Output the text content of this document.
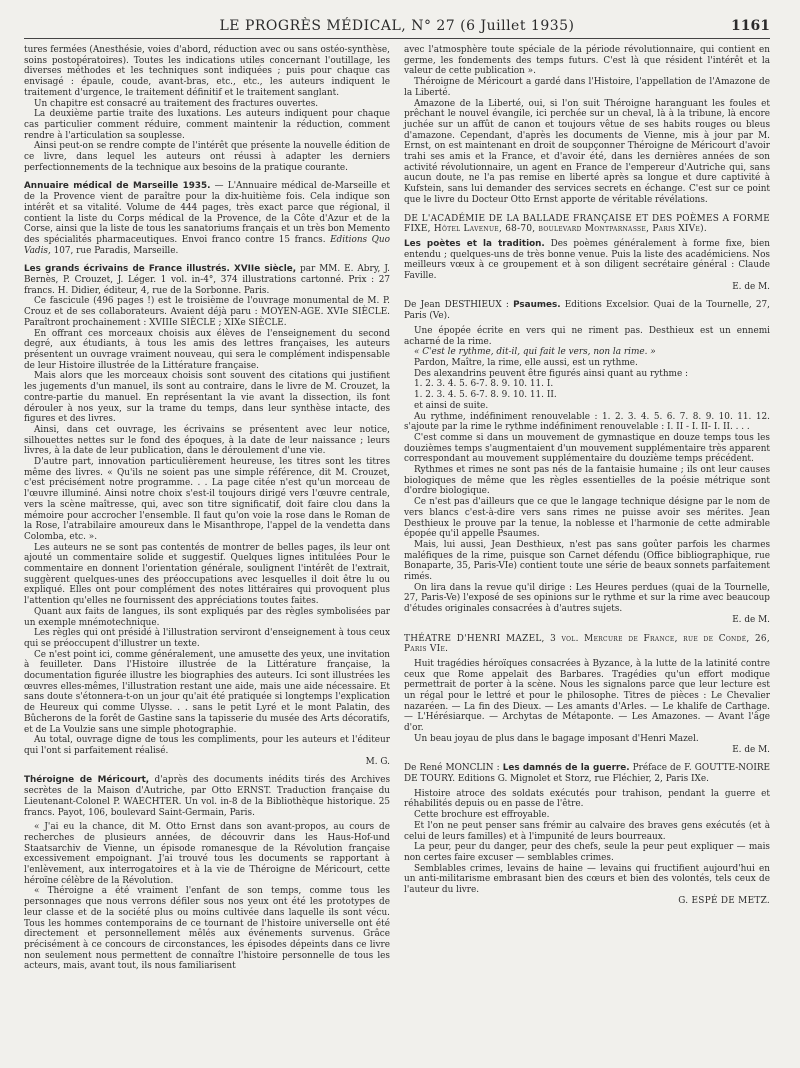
LE PROGRÈS MÉDICAL, N° 27 (6 Juillet 1935)	1161

tures fermées (Anesthésie, voies d'abord, réduction avec ou sans ostéo-synthèse, soins postopératoires). Toutes les indications utiles concernant l'outillage, les diverses méthodes et les techniques sont indiquées ; puis pour chaque cas envisagé : épaule, coude, avant-bras, etc., etc., les auteurs indiquent le traitement d'urgence, le traitement définitif et le traitement sanglant.

Un chapitre est consacré au traitement des fractures ouvertes.

La deuxième partie traite des luxations. Les auteurs indiquent pour chaque cas particulier comment réduire, comment maintenir la réduction, comment rendre à l'articulation sa souplesse.

Ainsi peut-on se rendre compte de l'intérêt que présente la nouvelle édition de ce livre, dans lequel les auteurs ont réussi à adapter les derniers perfectionnements de la technique aux besoins de la pratique courante.

Annuaire médical de Marseille 1935. — L'Annuaire médical de-Marseille et de la Provence vient de paraître pour la dix-huitième fois. Cela indique son intérêt et sa vitalité. Volume de 444 pages, très exact parce que régional, il contient la liste du Corps médical de la Provence, de la Côte d'Azur et de la Corse, ainsi que la liste de tous les sanatoriums français et un très bon Memento des spécialités pharmaceutiques. Envoi franco contre 15 francs. Editions Quo Vadis, 107, rue Paradis, Marseille.

Les grands écrivains de France illustrés. XVIIe siècle, par MM. E. Abry, J. Bernès, P. Crouzet, J. Léger. 1 vol. in-4°, 374 illustrations cartonné. Prix : 27 francs. H. Didier, éditeur, 4, rue de la Sorbonne. Paris.

Ce fascicule (496 pages !) est le troisième de l'ouvrage monumental de M. P. Crouz et de ses collaborateurs. Avaient déjà paru : MOYEN-AGE. XVIe SIÈCLE. Paraîtront prochainement : XVIIIe SIÈCLE ; XIXe SIÈCLE.

En offrant ces morceaux choisis aux élèves de l'enseignement du second degré, aux étudiants, à tous les amis des lettres françaises, les auteurs présentent un ouvrage vraiment nouveau, qui sera le complément indispensable de leur Histoire illustrée de la Littérature française.

Mais alors que les morceaux choisis sont souvent des citations qui justifient les jugements d'un manuel, ils sont au contraire, dans le livre de M. Crouzet, la contre-partie du manuel. En représentant la vie avant la dissection, ils font dérouler à nos yeux, sur la trame du temps, dans leur synthèse intacte, des figures et des livres.

Ainsi, dans cet ouvrage, les écrivains se présentent avec leur notice, silhouettes nettes sur le fond des époques, à la date de leur naissance ; leurs livres, à la date de leur publication, dans le déroulement d'une vie.

D'autre part, innovation particulièrement heureuse, les titres sont les titres même des livres. « Qu'ils ne soient pas une simple référence, dit M. Crouzet, c'est précisément notre programme. . . La page citée n'est qu'un morceau de l'œuvre illuminé. Ainsi notre choix s'est-il toujours dirigé vers l'œuvre centrale, vers la scène maîtresse, qui, avec son titre significatif, doit faire clou dans la mémoire pour accrocher l'ensemble. Il faut qu'on voie la rose dans le Roman de la Rose, l'atrabilaire amoureux dans le Misanthrope, l'appel de la vendetta dans Colomba, etc. ».

Les auteurs ne se sont pas contentés de montrer de belles pages, ils leur ont ajouté un commentaire solide et suggestif. Quelques lignes intitulées Pour le commentaire en donnent l'orientation générale, soulignent l'intérêt de l'extrait, suggèrent quelques-unes des préoccupations avec lesquelles il doit être lu ou expliqué. Elles ont pour complément des notes littéraires qui provoquent plus l'attention qu'elles ne fournissent des appréciations toutes faites.

Quant aux faits de langues, ils sont expliqués par des règles symbolisées par un exemple mnémotechnique.

Les règles qui ont présidé à l'illustration serviront d'enseignement à tous ceux qui se préoccupent d'illustrer un texte.

Ce n'est point ici, comme généralement, une amusette des yeux, une invitation à feuilleter. Dans l'Histoire illustrée de la Littérature française, la documentation figurée illustre les biographies des auteurs. Ici sont illustrées les œuvres elles-mêmes, l'illustration restant une aide, mais une aide nécessaire. Et sans doute s'étonnera-t-on un jour qu'ait été pratiquée si longtemps l'explication de Heureux qui comme Ulysse. . . sans le petit Lyré et le mont Palatin, des Bûcherons de la forêt de Gastine sans la tapisserie du musée des Arts décoratifs, et de La Voulzie sans une simple photographie.

Au total, ouvrage digne de tous les compliments, pour les auteurs et l'éditeur qui l'ont si parfaitement réalisé.

M. G.

Théroigne de Méricourt, d'après des documents inédits tirés des Archives secrètes de la Maison d'Autriche, par Otto ERNST. Traduction française du Lieutenant-Colonel P. WAECHTER. Un vol. in-8 de la Bibliothèque historique. 25 francs. Payot, 106, boulevard Saint-Germain, Paris.

« J'ai eu la chance, dit M. Otto Ernst dans son avant-propos, au cours de recherches de plusieurs années, de découvrir dans les Haus-Hof-und Staatsarchiv de Vienne, un épisode romanesque de la Révolution française excessivement empoignant. J'ai trouvé tous les documents se rapportant à l'enlèvement, aux interrogatoires et à la vie de Théroigne de Méricourt, cette héroïne célèbre de la Révolution.

« Théroigne a été vraiment l'enfant de son temps, comme tous les personnages que nous verrons défiler sous nos yeux ont été les prototypes de leur classe et de la société plus ou moins cultivée dans laquelle ils sont vécu. Tous les hommes contemporains de ce tournant de l'histoire universelle ont été directement et personnellement mêlés aux événements survenus. Grâce précisément à ce concours de circonstances, les épisodes dépeints dans ce livre non seulement nous permettent de connaître l'histoire personnelle de tous les acteurs, mais, avant tout, ils nous familiarisent

avec l'atmosphère toute spéciale de la période révolutionnaire, qui contient en germe, les fondements des temps futurs. C'est là que résident l'intérêt et la valeur de cette publication ».

Théroigne de Méricourt a gardé dans l'Histoire, l'appellation de l'Amazone de la Liberté.

Amazone de la Liberté, oui, si l'on suit Théroigne haranguant les foules et prêchant le nouvel évangile, ici perchée sur un cheval, là à la tribune, là encore juchée sur un affût de canon et toujours vêtue de ses habits rouges ou bleus d'amazone. Cependant, d'après les documents de Vienne, mis à jour par M. Ernst, on est maintenant en droit de soupçonner Théroigne de Méricourt d'avoir trahi ses amis et la France, et d'avoir été, dans les dernières années de son activité révolutionnaire, un agent en France de l'empereur d'Autriche qui, sans aucun doute, ne l'a pas remise en liberté après sa longue et dure captivité à Kufstein, sans lui demander des services secrets en échange. C'est sur ce point que le livre du Docteur Otto Ernst apporte de véritable révélations.

DE L'ACADÉMIE DE LA BALLADE FRANÇAISE ET DES POÈMES A FORME FIXE, Hôtel Lavenue, 68-70, boulevard Montparnasse, Paris XIVe).

Les poètes et la tradition. Des poèmes généralement à forme fixe, bien entendu ; quelques-uns de très bonne venue. Puis la liste des académiciens. Nos meilleurs vœux à ce groupement et à son diligent secrétaire général : Claude Faville.

E. de M.

De Jean DESTHIEUX : Psaumes. Editions Excelsior. Quai de la Tournelle, 27, Paris (Ve).

Une épopée écrite en vers qui ne riment pas. Desthieux est un ennemi acharné de la rime.

« C'est le rythme, dit-il, qui fait le vers, non la rime. »

Pardon, Maître, la rime, elle aussi, est un rythme.

Des alexandrins peuvent être figurés ainsi quant au rythme :

1. 2. 3. 4. 5. 6-7. 8. 9. 10. 11. I.

1. 2. 3. 4. 5. 6-7. 8. 9. 10. 11. II.

et ainsi de suite.

Au rythme, indéfiniment renouvelable : 1. 2. 3. 4. 5. 6. 7. 8. 9. 10. 11. 12. s'ajoute par la rime le rythme indéfiniment renouvelable : I. II - I. II- I. II. . . .

C'est comme si dans un mouvement de gymnastique en douze temps tous les douzièmes temps s'augmentaient d'un mouvement supplémentaire très apparent correspondant au mouvement supplémentaire du douzième temps précédent.

Rythmes et rimes ne sont pas nés de la fantaisie humaine ; ils ont leur causes biologiques de même que les règles essentielles de la poésie métrique sont d'ordre biologique.

Ce n'est pas d'ailleurs que ce que le langage technique désigne par le nom de vers blancs c'est-à-dire vers sans rimes ne puisse avoir ses mérites. Jean Desthieux le prouve par la tenue, la noblesse et l'harmonie de cette admirable épopée qu'il appelle Psaumes.

Mais, lui aussi, Jean Desthieux, n'est pas sans goûter parfois les charmes maléfiques de la rime, puisque son Carnet défendu (Office bibliographique, rue Bonaparte, 35, Paris-VIe) contient toute une série de beaux sonnets parfaitement rimés.

On lira dans la revue qu'il dirige : Les Heures perdues (quai de la Tournelle, 27, Paris-Ve) l'exposé de ses opinions sur le rythme et sur la rime avec beaucoup d'études originales consacrées à d'autres sujets.

E. de M.

THÉATRE D'HENRI MAZEL, 3 vol. Mercure de France, rue de Condé, 26, Paris VIe.

Huit tragédies héroïques consacrées à Byzance, à la lutte de la latinité contre ceux que Rome appelait des Barbares. Tragédies qu'un effort modique permettrait de porter à la scène. Nous les signalons parce que leur lecture est un régal pour le lettré et pour le philosophe. Titres de pièces : Le Chevalier nazaréen. — La fin des Dieux. — Les amants d'Arles. — Le khalife de Carthage. — L'Hérésiarque. — Archytas de Métaponte. — Les Amazones. — Avant l'âge d'or.

Un beau joyau de plus dans le bagage imposant d'Henri Mazel.

E. de M.

De René MONCLIN : Les damnés de la guerre. Préface de F. GOUTTE-NOIRE DE TOURY. Editions G. Mignolet et Storz, rue Fléchier, 2, Paris IXe.

Histoire atroce des soldats exécutés pour trahison, pendant la guerre et réhabilités depuis ou en passe de l'être.

Cette brochure est effroyable.

Et l'on ne peut penser sans frémir au calvaire des braves gens exécutés (et à celui de leurs familles) et à l'impunité de leurs bourreaux.

La peur, peur du danger, peur des chefs, seule la peur peut expliquer — mais non certes faire excuser — semblables crimes.

Semblables crimes, levains de haine — levains qui fructifient aujourd'hui en un anti-militarisme embrasant bien des cœurs et bien des volontés, tels ceux de l'auteur du livre.

G. ESPÉ DE METZ.
